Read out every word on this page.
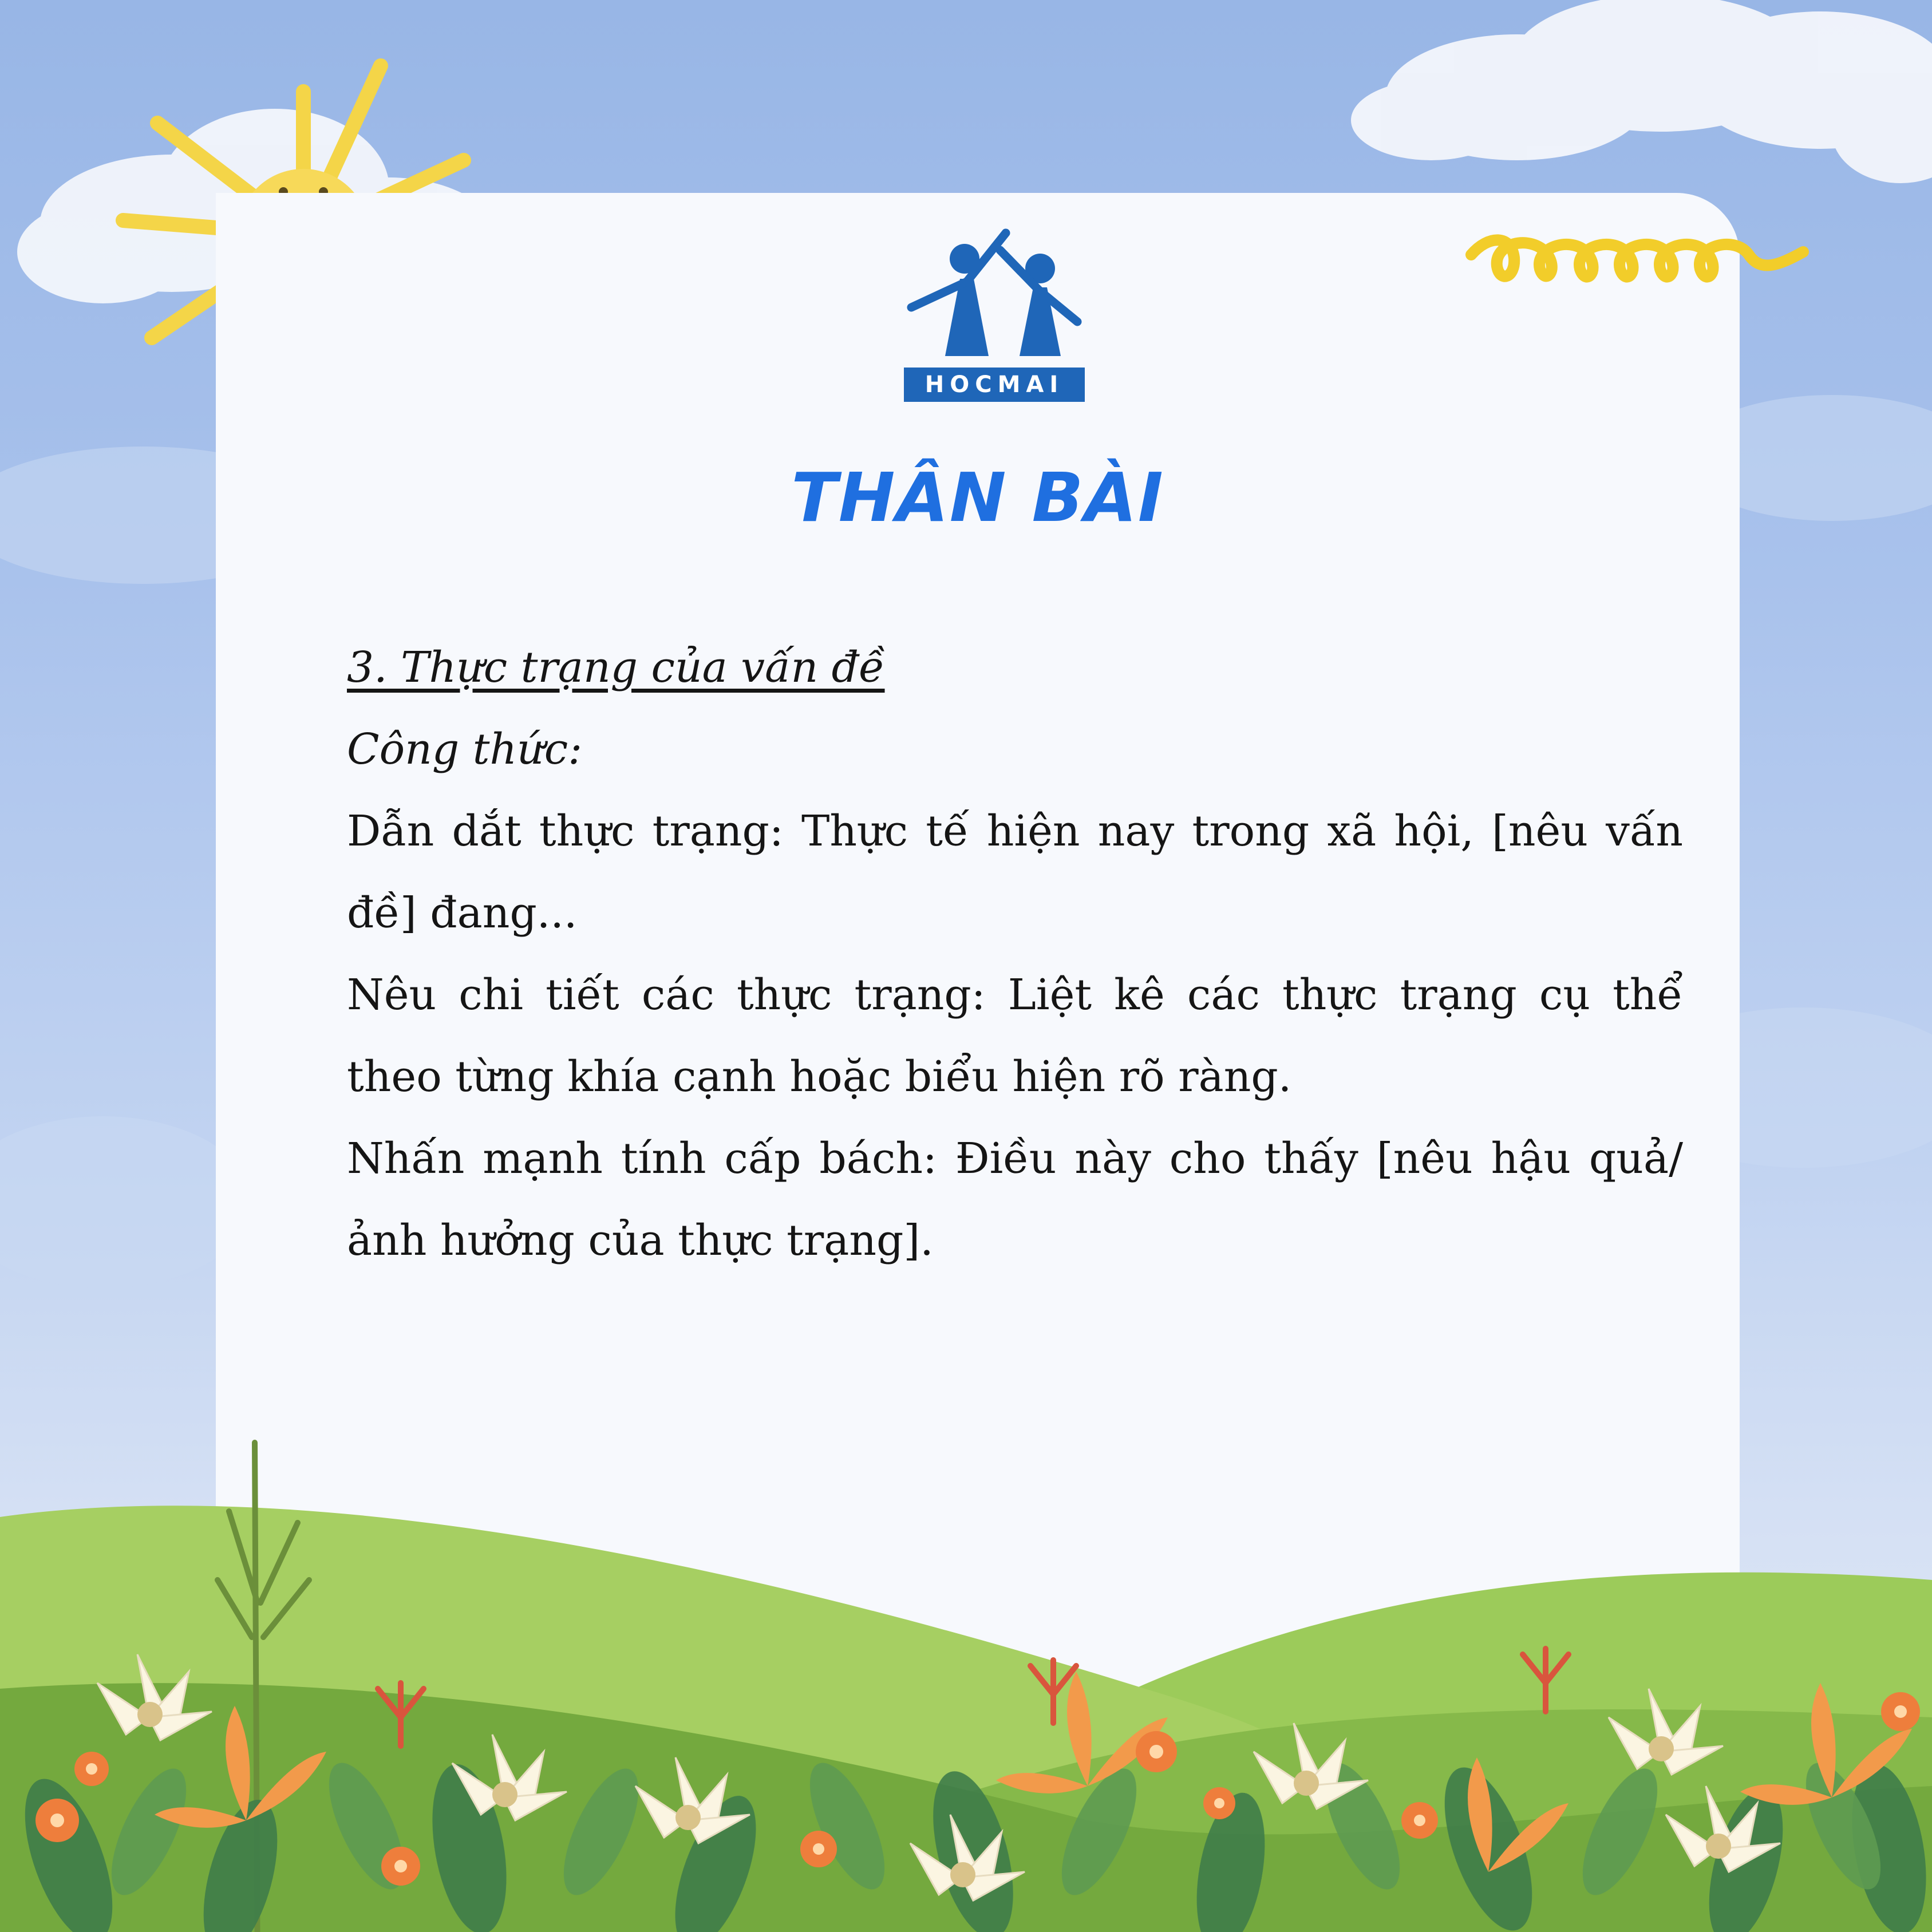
HOCMAI
THÂN BÀI

3. Thực trạng của vấn đề

Công thức:

Dẫn dắt thực trạng: Thực tế hiện nay trong xã hội, [nêu vấn đề] đang...

Nêu chi tiết các thực trạng: Liệt kê các thực trạng cụ thể theo từng khía cạnh hoặc biểu hiện rõ ràng.

Nhấn mạnh tính cấp bách: Điều này cho thấy [nêu hậu quả/ảnh hưởng của thực trạng].
